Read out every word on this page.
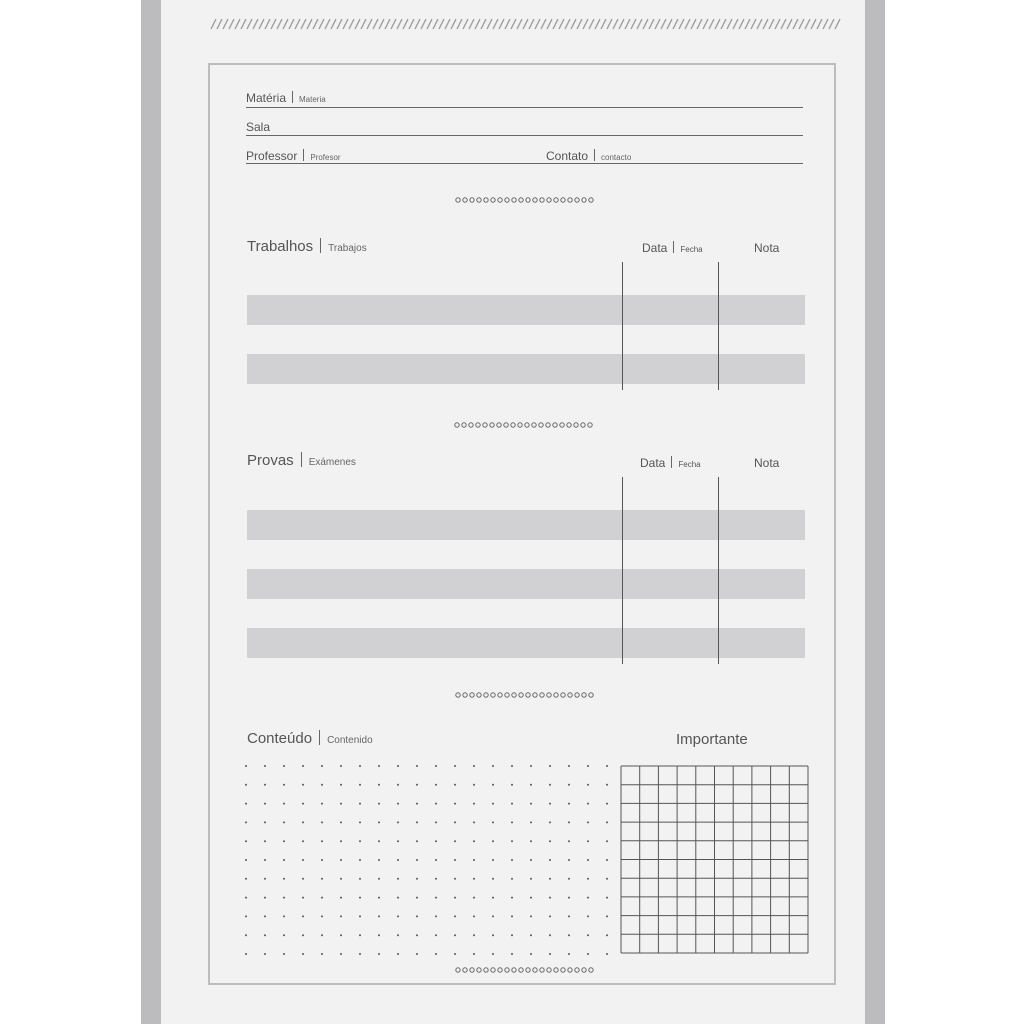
Matéria Materia
Sala
Professor Profesor	Contato contacto
Trabalhos Trabajos	Data Fecha	Nota
Provas Exámenes	Data Fecha	Nota
Conteúdo Contenido	Importante
